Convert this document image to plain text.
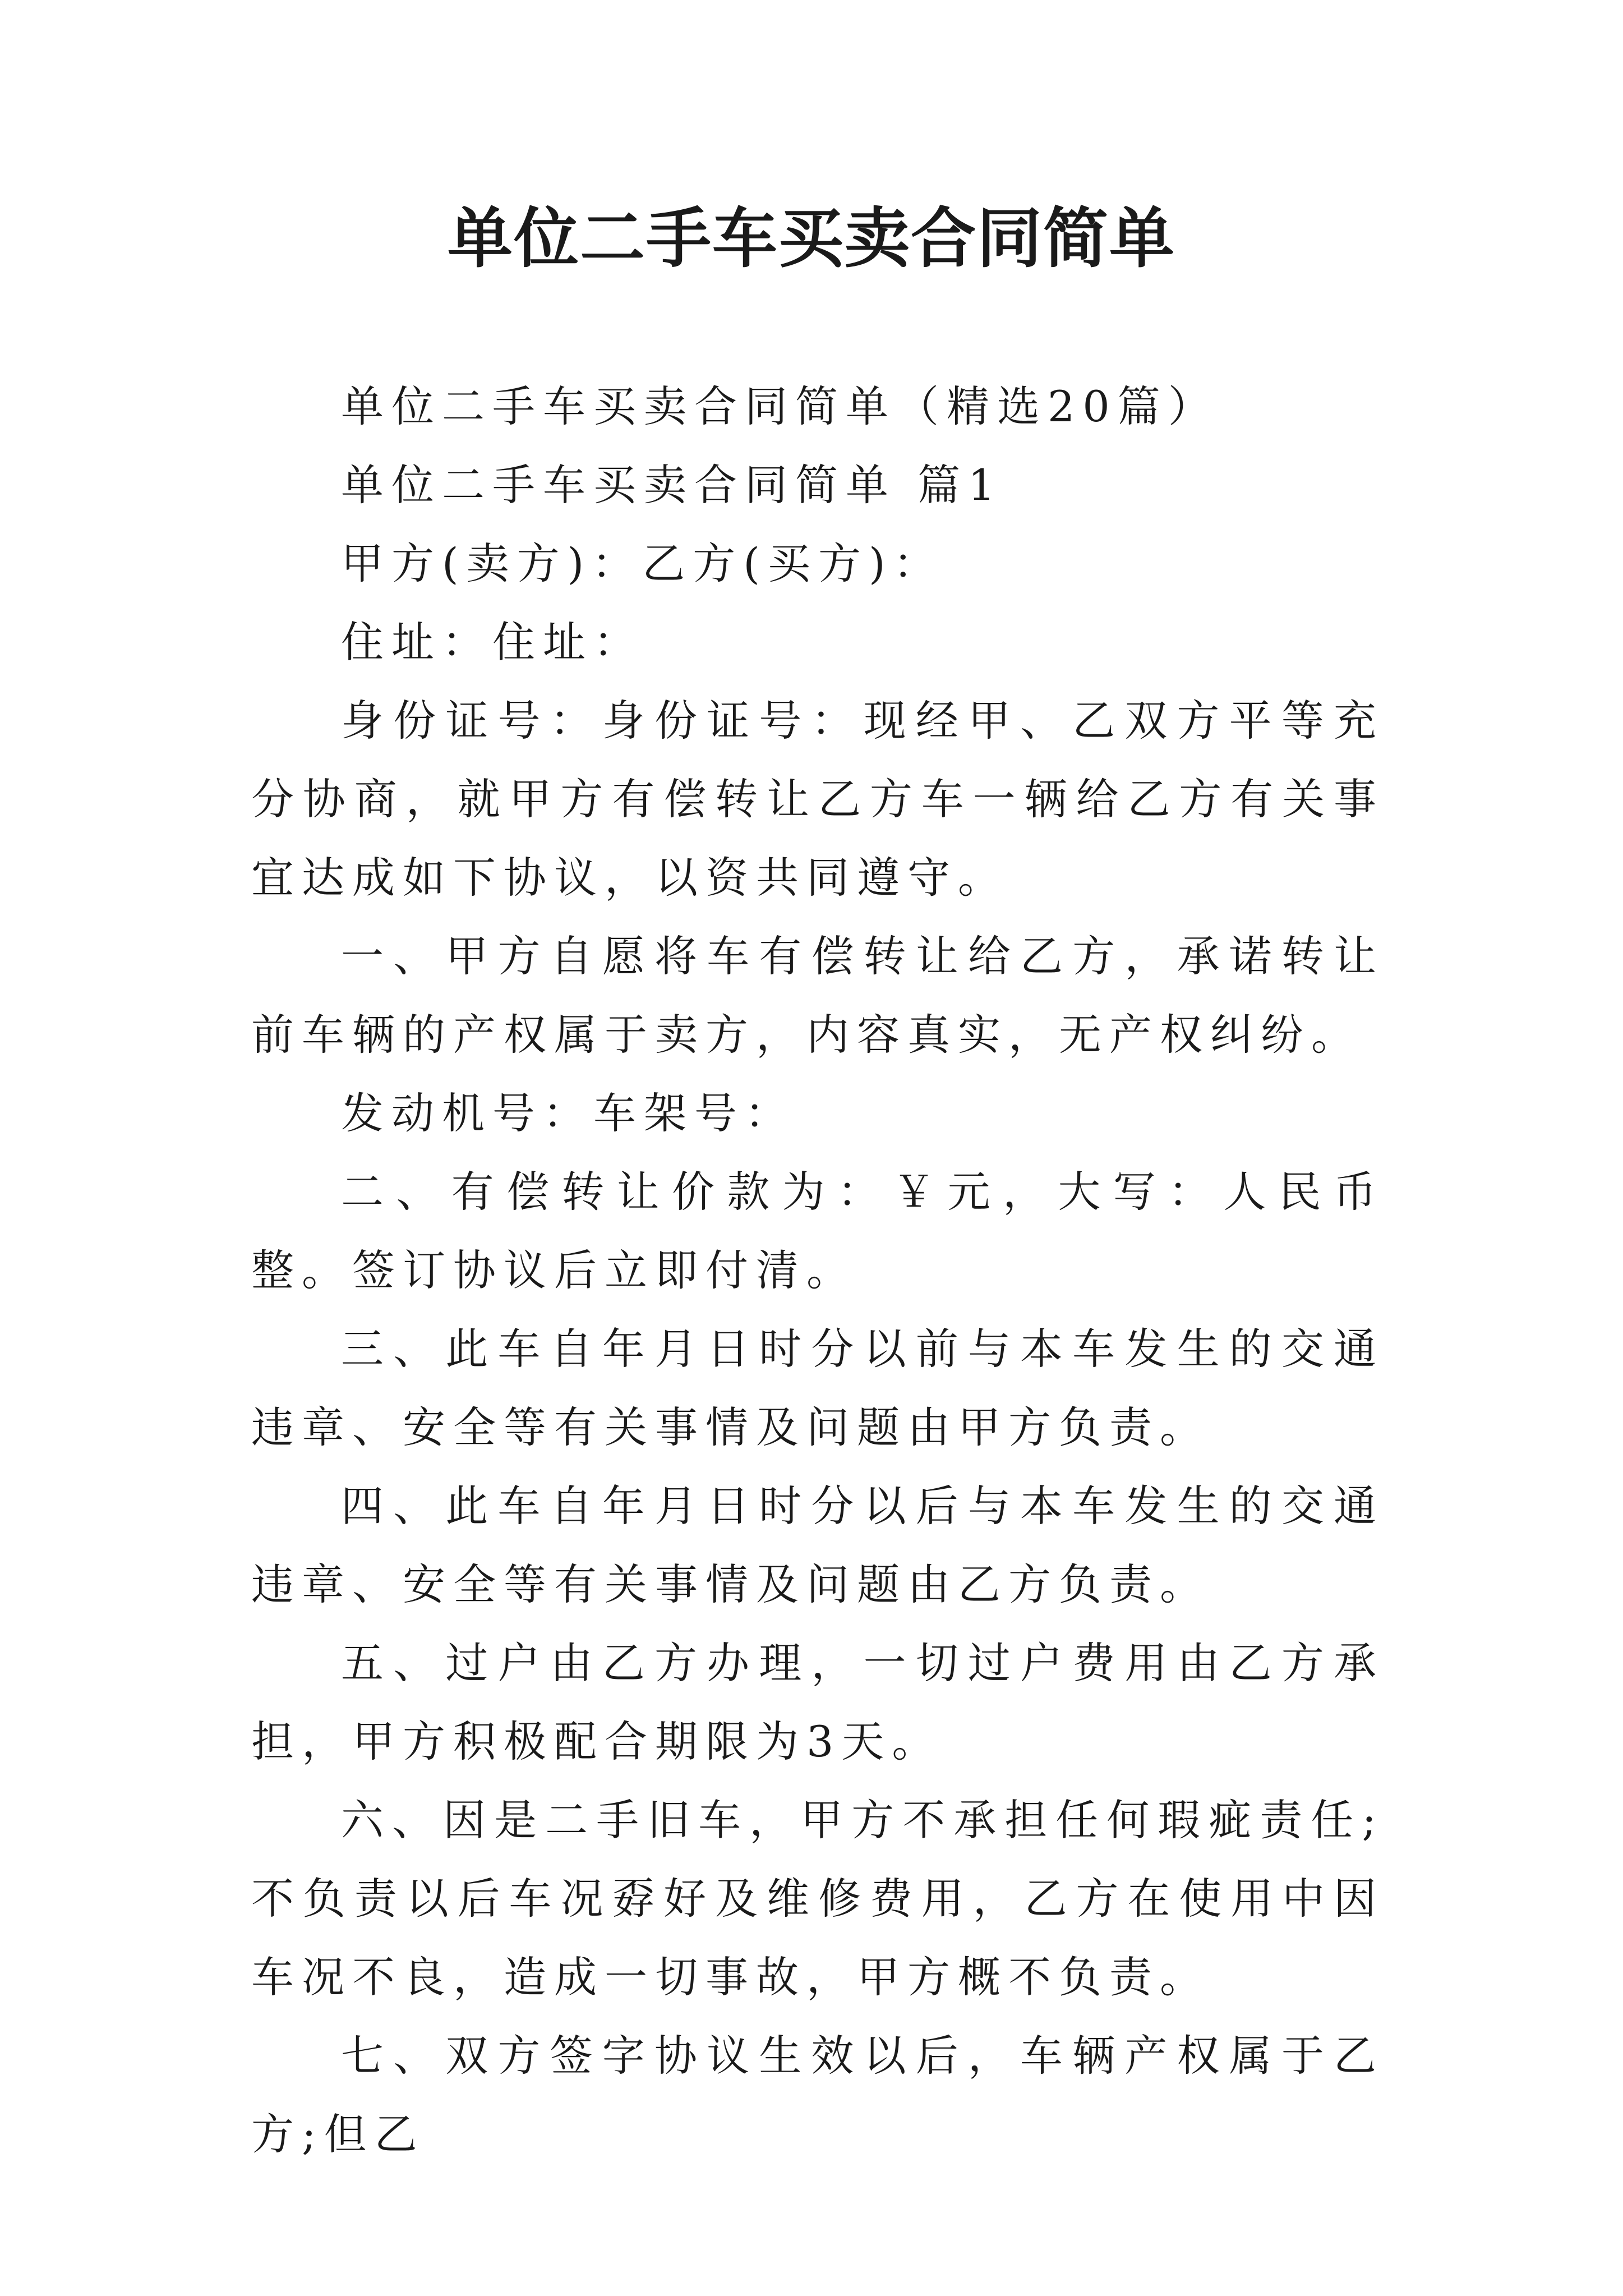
单位二手车买卖合同简单

单位二手车买卖合同简单（精选20篇）

单位二手车买卖合同简单 篇1

甲方(卖方)：乙方(买方)：

住址：住址：

身份证号：身份证号：现经甲、乙双方平等充分协商，就甲方有偿转让乙方车一辆给乙方有关事宜达成如下协议，以资共同遵守。

一、甲方自愿将车有偿转让给乙方，承诺转让前车辆的产权属于卖方，内容真实，无产权纠纷。

发动机号：车架号：

二、有偿转让价款为：￥元，大写：人民币整。签订协议后立即付清。

三、此车自年月日时分以前与本车发生的交通违章、安全等有关事情及问题由甲方负责。

四、此车自年月日时分以后与本车发生的交通违章、安全等有关事情及问题由乙方负责。

五、过户由乙方办理，一切过户费用由乙方承担，甲方积极配合期限为3天。

六、因是二手旧车，甲方不承担任何瑕疵责任;不负责以后车况孬好及维修费用，乙方在使用中因车况不良，造成一切事故，甲方概不负责。

七、双方签字协议生效以后，车辆产权属于乙方;但乙
